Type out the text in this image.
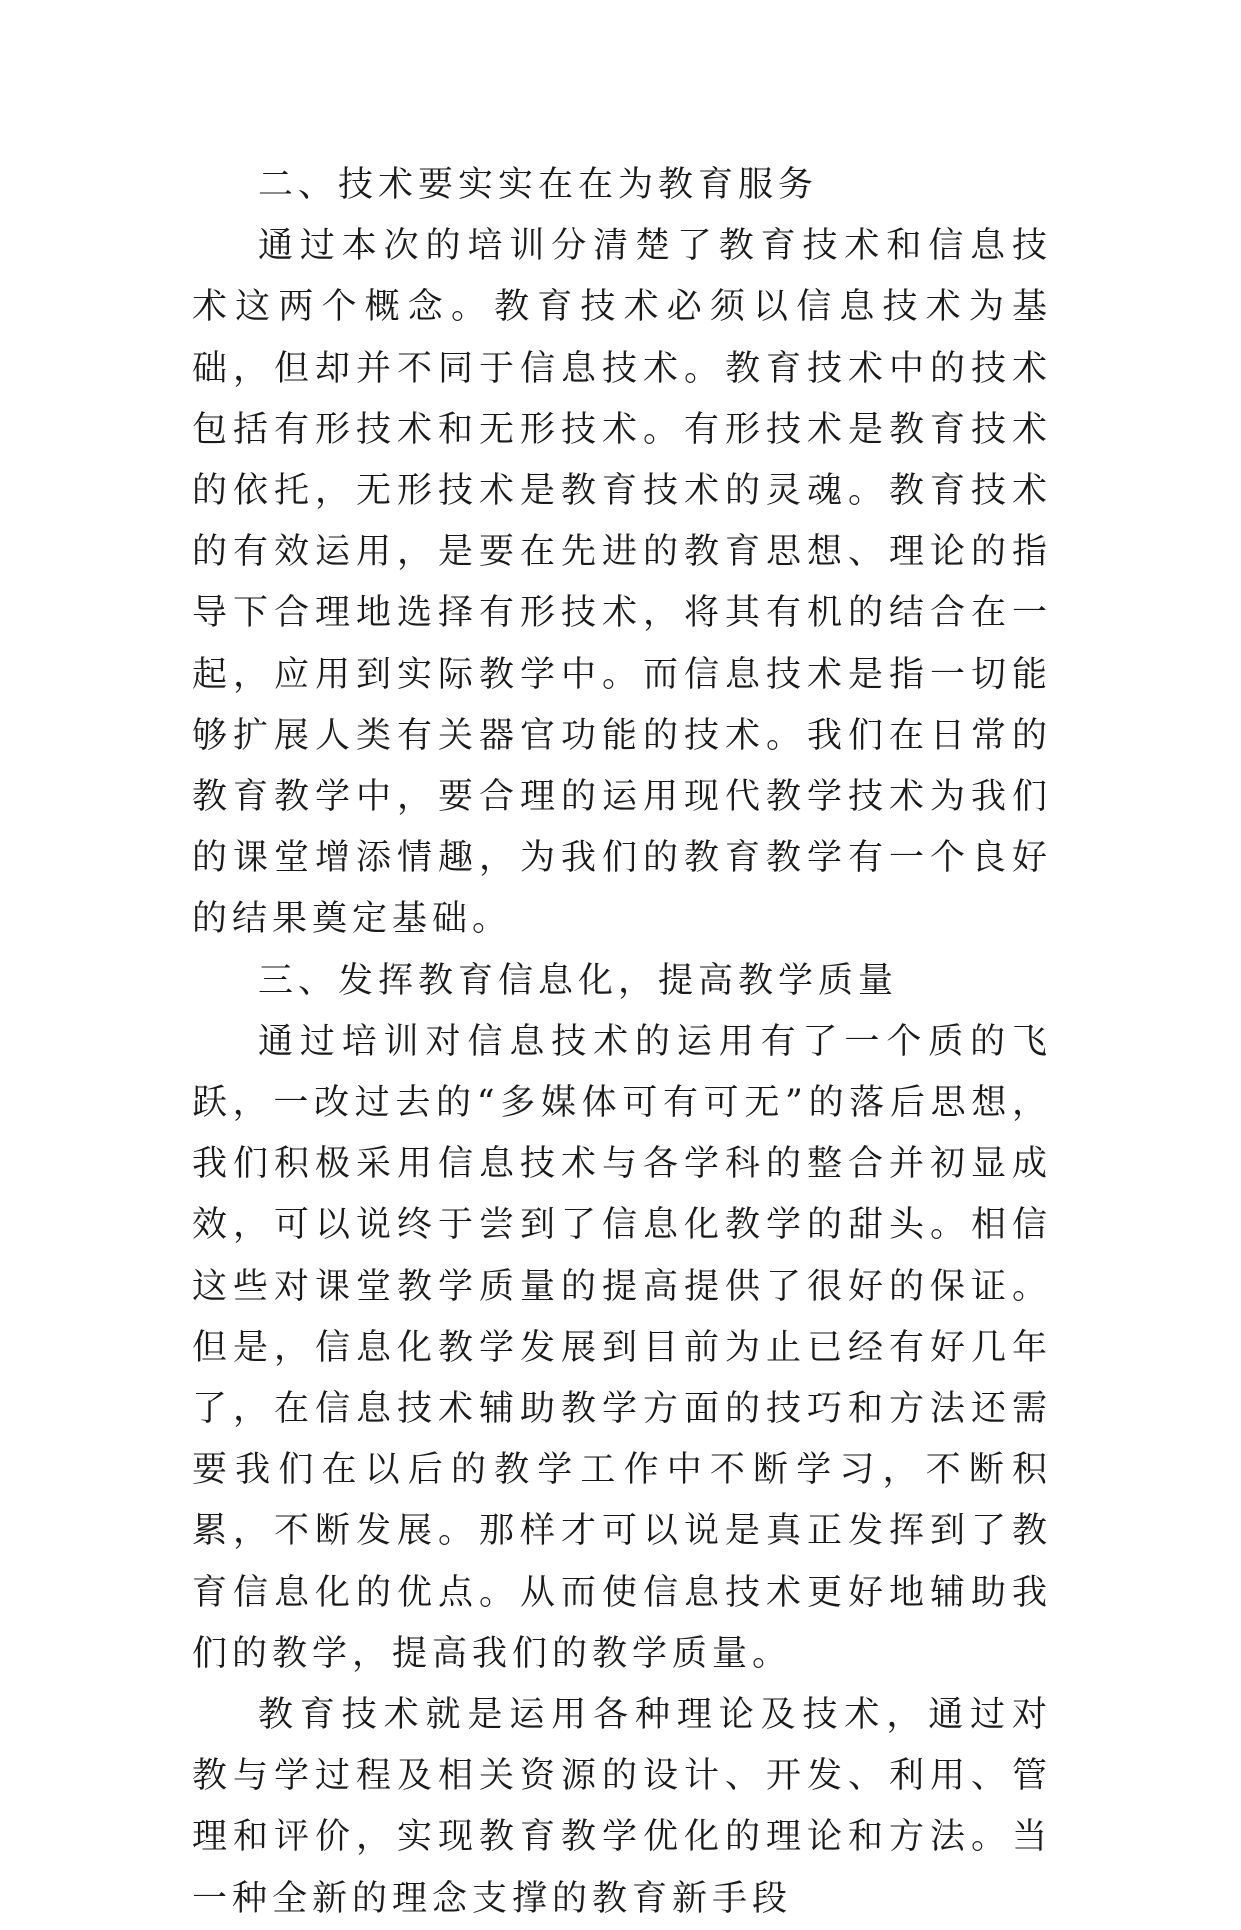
二、技术要实实在在为教育服务

通过本次的培训分清楚了教育技术和信息技术这两个概念。教育技术必须以信息技术为基础，但却并不同于信息技术。教育技术中的技术包括有形技术和无形技术。有形技术是教育技术的依托，无形技术是教育技术的灵魂。教育技术的有效运用，是要在先进的教育思想、理论的指导下合理地选择有形技术，将其有机的结合在一起，应用到实际教学中。而信息技术是指一切能够扩展人类有关器官功能的技术。我们在日常的教育教学中，要合理的运用现代教学技术为我们的课堂增添情趣，为我们的教育教学有一个良好的结果奠定基础。

三、发挥教育信息化，提高教学质量

通过培训对信息技术的运用有了一个质的飞跃，一改过去的“多媒体可有可无”的落后思想，我们积极采用信息技术与各学科的整合并初显成效，可以说终于尝到了信息化教学的甜头。相信这些对课堂教学质量的提高提供了很好的保证。但是，信息化教学发展到目前为止已经有好几年了，在信息技术辅助教学方面的技巧和方法还需要我们在以后的教学工作中不断学习，不断积累，不断发展。那样才可以说是真正发挥到了教育信息化的优点。从而使信息技术更好地辅助我们的教学，提高我们的教学质量。

教育技术就是运用各种理论及技术，通过对教与学过程及相关资源的设计、开发、利用、管理和评价，实现教育教学优化的理论和方法。当一种全新的理念支撑的教育新手段
